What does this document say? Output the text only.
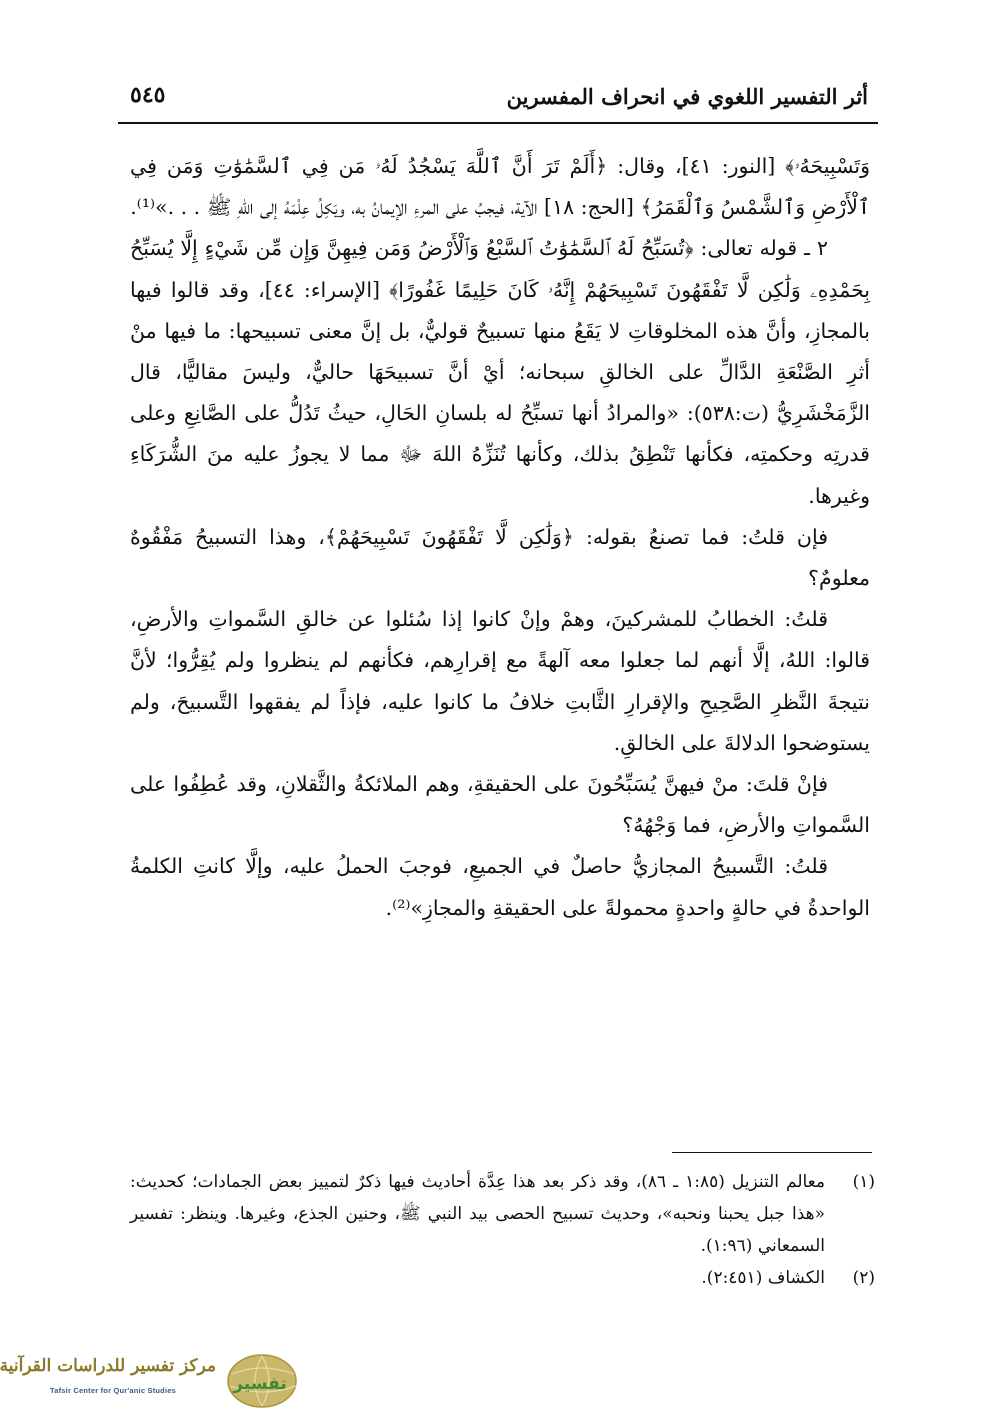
أثر التفسير اللغوي في انحراف المفسرين
٥٤٥

وَتَسْبِيحَهُۥ﴾ [النور: ٤١]، وقال: ﴿أَلَمْ تَرَ أَنَّ ٱللَّهَ يَسْجُدُ لَهُۥ مَن فِي ٱلسَّمَٰوَٰتِ وَمَن فِي ٱلْأَرْضِ وَٱلشَّمْسُ وَٱلْقَمَرُ﴾ [الحج: ١٨] الآية، فيجبُ على المرءِ الإيمانُ به، ويَكِلُ عِلْمَهُ إلى اللهِ ﷺ . . .»⁽¹⁾.

٢ ـ قوله تعالى: ﴿تُسَبِّحُ لَهُ ٱلسَّمَٰوَٰتُ ٱلسَّبْعُ وَٱلْأَرْضُ وَمَن فِيهِنَّ وَإِن مِّن شَيْءٍ إِلَّا يُسَبِّحُ بِحَمْدِهِۦ وَلَٰكِن لَّا تَفْقَهُونَ تَسْبِيحَهُمْ إِنَّهُۥ كَانَ حَلِيمًا غَفُورًا﴾ [الإسراء: ٤٤]، وقد قالوا فيها بالمجازِ، وأنَّ هذه المخلوقاتِ لا يَقَعُ منها تسبيحٌ قوليٌّ، بل إنَّ معنى تسبيحها: ما فيها منْ أثرِ الصَّنْعَةِ الدَّالِّ على الخالقِ سبحانه؛ أيْ أنَّ تسبيحَهَا حاليٌّ، وليسَ مقاليًّا، قال الزَّمَخْشَرِيُّ (ت:٥٣٨): «والمرادُ أنها تسبِّحُ له بلسانِ الحَالِ، حيثُ تَدُلُّ على الصَّانِعِ وعلى قدرتِه وحكمتِه، فكأنها تَنْطِقُ بذلك، وكأنها تُنَزِّهُ اللهَ ﷻ مما لا يجوزُ عليه منَ الشُّرَكَاءِ وغيرها.

فإن قلتُ: فما تصنعُ بقوله: ﴿وَلَٰكِن لَّا تَفْقَهُونَ تَسْبِيحَهُمْ﴾، وهذا التسبيحُ مَفْقُوهٌ معلومٌ؟

قلتُ: الخطابُ للمشركينَ، وهمْ وإنْ كانوا إذا سُئلوا عن خالقِ السَّمواتِ والأرضِ، قالوا: اللهُ، إلَّا أنهم لما جعلوا معه آلهةً مع إقرارِهم، فكأنهم لم ينظروا ولم يُقِرُّوا؛ لأنَّ نتيجةَ النَّظرِ الصَّحِيحِ والإقرارِ الثَّابتِ خلافُ ما كانوا عليه، فإذاً لم يفقهوا التَّسبيحَ، ولم يستوضحوا الدلالةَ على الخالقِ.

فإنْ قلتَ: منْ فيهنَّ يُسَبِّحُونَ على الحقيقةِ، وهم الملائكةُ والثَّقلانِ، وقد عُطِفُوا على السَّمواتِ والأرضِ، فما وَجْهُهُ؟

قلتُ: التَّسبيحُ المجازيُّ حاصلٌ في الجميعِ، فوجبَ الحملُ عليه، وإلَّا كانتِ الكلمةُ الواحدةُ في حالةٍ واحدةٍ محمولةً على الحقيقةِ والمجازِ»⁽²⁾.

(١)
معالم التنزيل (١:٨٥ ـ ٨٦)، وقد ذكر بعد هذا عِدَّة أحاديث فيها ذكرٌ لتمييز بعض الجمادات؛ كحديث: «هذا جبل يحبنا ونحبه»، وحديث تسبيح الحصى بيد النبي ﷺ، وحنين الجذع، وغيرها. وينظر: تفسير السمعاني (١:٩٦).
(٢)
الكشاف (٢:٤٥١).
تفسير
مركز تفسير للدراسات القرآنية
Tafsir Center for Qur'anic Studies
